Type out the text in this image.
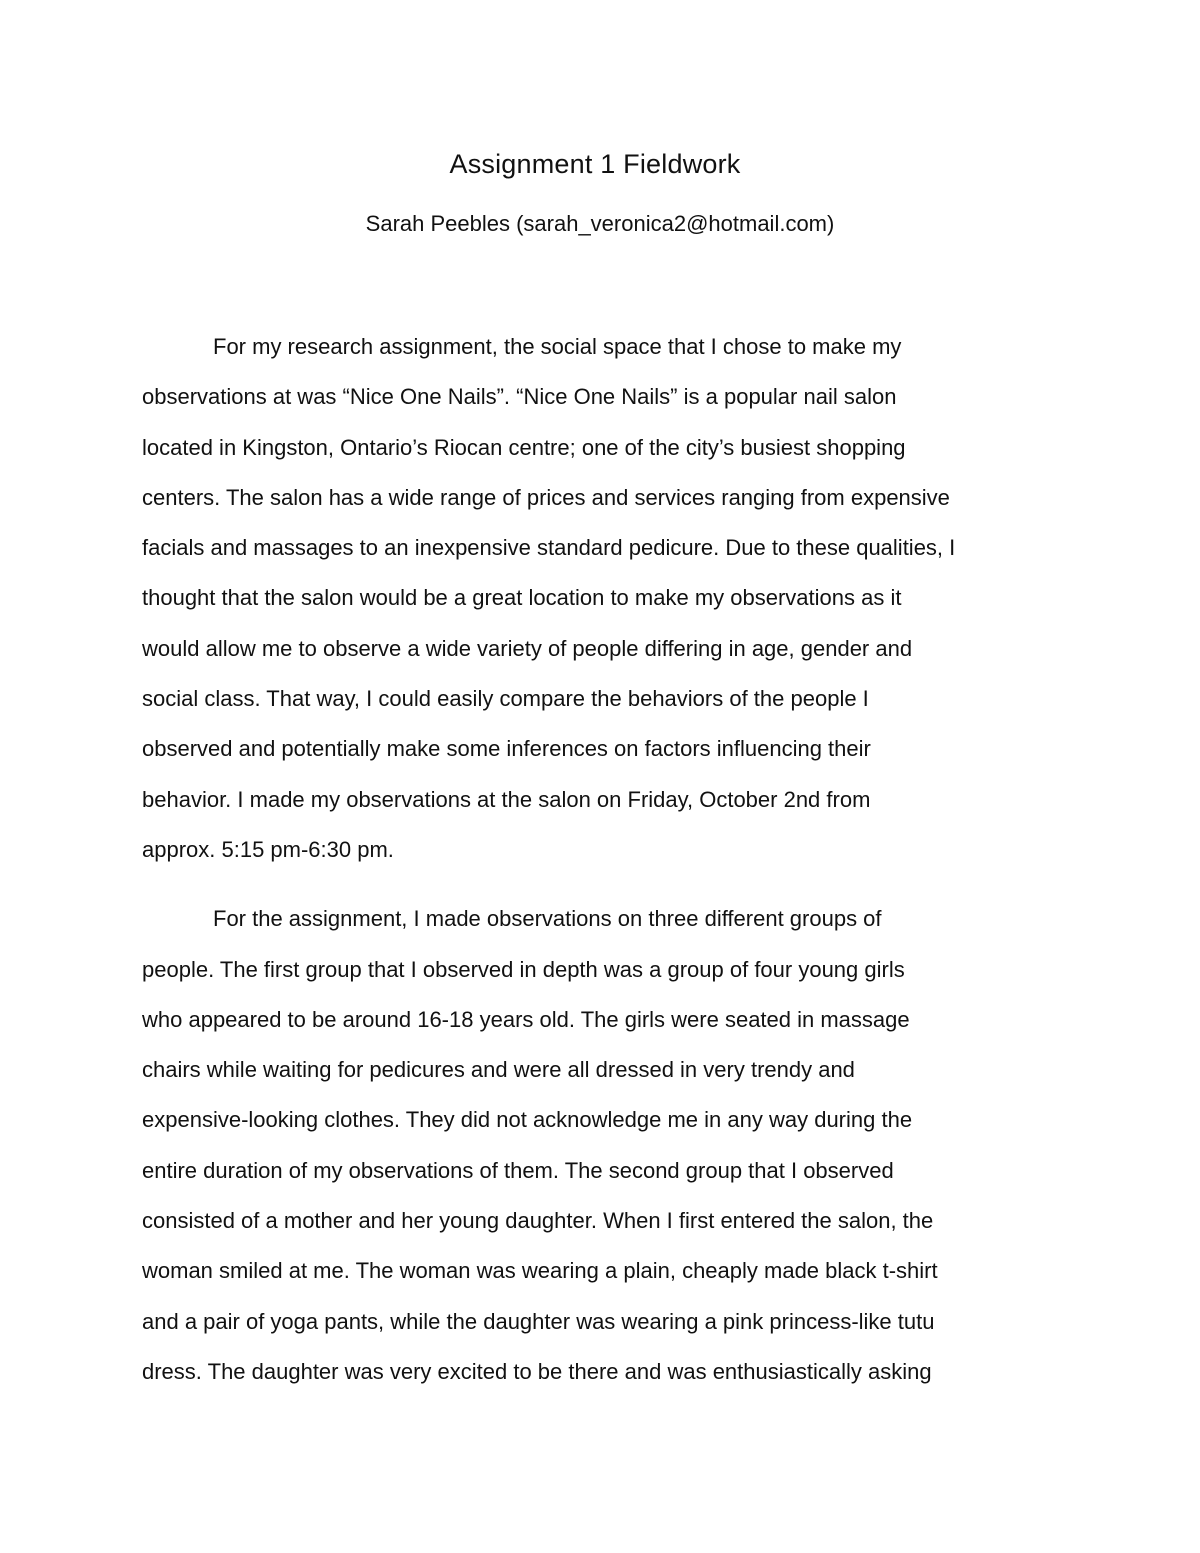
Assignment 1 Fieldwork
Sarah Peebles (sarah_veronica2@hotmail.com)
For my research assignment, the social space that I chose to make my
observations at was “Nice One Nails”. “Nice One Nails” is a popular nail salon
located in Kingston, Ontario’s Riocan centre; one of the city’s busiest shopping
centers. The salon has a wide range of prices and services ranging from expensive
facials and massages to an inexpensive standard pedicure. Due to these qualities, I
thought that the salon would be a great location to make my observations as it
would allow me to observe a wide variety of people differing in age, gender and
social class. That way, I could easily compare the behaviors of the people I
observed and potentially make some inferences on factors influencing their
behavior. I made my observations at the salon on Friday, October 2nd from
approx. 5:15 pm-6:30 pm.
For the assignment, I made observations on three different groups of
people. The first group that I observed in depth was a group of four young girls
who appeared to be around 16-18 years old. The girls were seated in massage
chairs while waiting for pedicures and were all dressed in very trendy and
expensive-looking clothes. They did not acknowledge me in any way during the
entire duration of my observations of them. The second group that I observed
consisted of a mother and her young daughter. When I first entered the salon, the
woman smiled at me. The woman was wearing a plain, cheaply made black t-shirt
and a pair of yoga pants, while the daughter was wearing a pink princess-like tutu
dress. The daughter was very excited to be there and was enthusiastically asking
